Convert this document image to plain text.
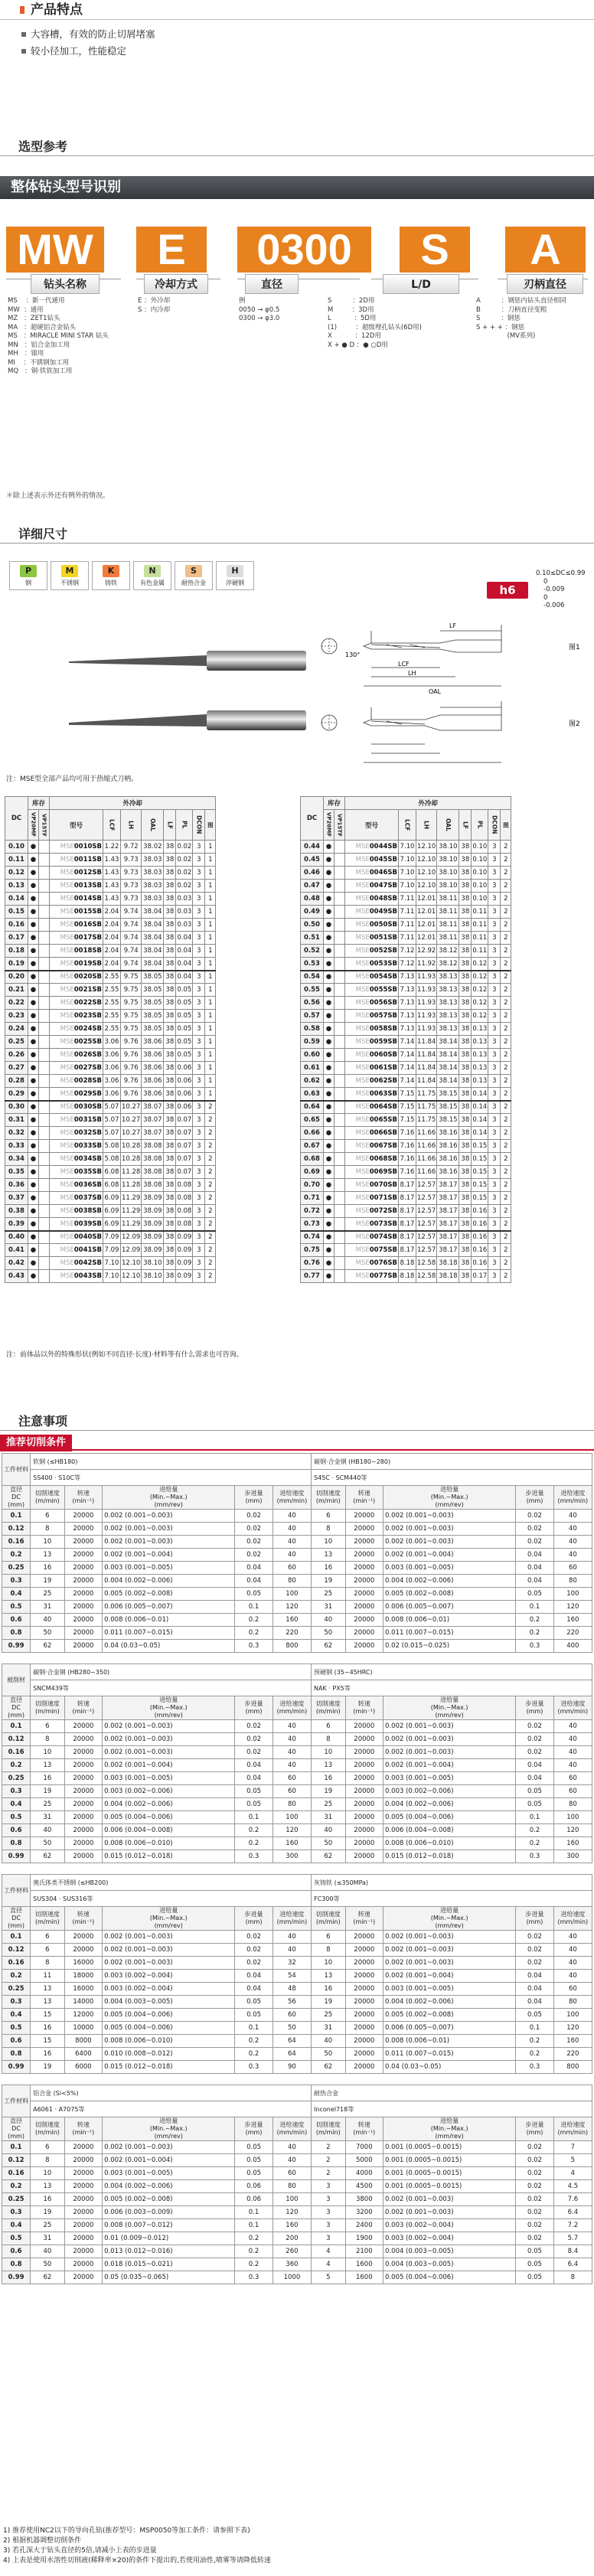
产品特点
大容槽，有效的防止切屑堵塞
较小径加工，性能稳定
选型参考
整体钻头型号识别
MW	E	0300	S	A
钻头名称	冷却方式	直径	L/D	刃柄直径
MS    ：新一代通用
MW  ：通用
MZ   ：ZET1钻头
MA   ：超硬铝合金钻头
MS   ：MIRACLE MINI STAR 钻头
MN   ：铝合金加工用
MH   ：镍用
MI    ：不锈钢加工用
MQ   ：铜·铁铁加工用
E ：外冷却
S ：内冷却
例
0050 → φ0.5
0300 → φ3.0
S          ：2D用
M         ：3D用
L           ：5D用
(1)         ：超级埋孔钻头(6D用)
X           ：12D用
X + ● D ：● ○D用
A          ：钢惩内钻头直径相同
B          ：刀柄直径变粗
S          ：钢惩
S + + + ：钢惩
(MV系列)
＊除上述表示外还有例外的情况。
详细尺寸
P
钢
M
不锈钢
K
铸铁
N
有色金属
S
耐热合金
H
淬硬钢
h6
0.10≤DC≤0.99
0
-0.009
0
-0.006
LF
LCF
LH
OAL
130°
图1
图2
注：MSE型全部产品均可用于热缩式刀柄。
DC	库存		外冷却							
	VP20MF	VP15TF	型号	LCF	LH	OAL	LF	PL	DCON	图
0.10	●		MSE0010SB	1.22	9.72	38.02	38	0.02	3	1
0.11	●		MSE0011SB	1.43	9.73	38.03	38	0.02	3	1
0.12	●		MSE0012SB	1.43	9.73	38.03	38	0.02	3	1
0.13	●		MSE0013SB	1.43	9.73	38.03	38	0.02	3	1
0.14	●		MSE0014SB	1.43	9.73	38.03	38	0.03	3	1
0.15	●		MSE0015SB	2.04	9.74	38.04	38	0.03	3	1
0.16	●		MSE0016SB	2.04	9.74	38.04	38	0.03	3	1
0.17	●		MSE0017SB	2.04	9.74	38.04	38	0.04	3	1
0.18	●		MSE0018SB	2.04	9.74	38.04	38	0.04	3	1
0.19	●		MSE0019SB	2.04	9.74	38.04	38	0.04	3	1
0.20	●		MSE0020SB	2.55	9.75	38.05	38	0.04	3	1
0.21	●		MSE0021SB	2.55	9.75	38.05	38	0.05	3	1
0.22	●		MSE0022SB	2.55	9.75	38.05	38	0.05	3	1
0.23	●		MSE0023SB	2.55	9.75	38.05	38	0.05	3	1
0.24	●		MSE0024SB	2.55	9.75	38.05	38	0.05	3	1
0.25	●		MSE0025SB	3.06	9.76	38.06	38	0.05	3	1
0.26	●		MSE0026SB	3.06	9.76	38.06	38	0.05	3	1
0.27	●		MSE0027SB	3.06	9.76	38.06	38	0.06	3	1
0.28	●		MSE0028SB	3.06	9.76	38.06	38	0.06	3	1
0.29	●		MSE0029SB	3.06	9.76	38.06	38	0.06	3	1
0.30	●		MSE0030SB	5.07	10.27	38.07	38	0.06	3	2
0.31	●		MSE0031SB	5.07	10.27	38.07	38	0.07	3	2
0.32	●		MSE0032SB	5.07	10.27	38.07	38	0.07	3	2
0.33	●		MSE0033SB	5.08	10.28	38.08	38	0.07	3	2
0.34	●		MSE0034SB	5.08	10.28	38.08	38	0.07	3	2
0.35	●		MSE0035SB	6.08	11.28	38.08	38	0.07	3	2
0.36	●		MSE0036SB	6.08	11.28	38.08	38	0.08	3	2
0.37	●		MSE0037SB	6.09	11.29	38.09	38	0.08	3	2
0.38	●		MSE0038SB	6.09	11.29	38.09	38	0.08	3	2
0.39	●		MSE0039SB	6.09	11.29	38.09	38	0.08	3	2
0.40	●		MSE0040SB	7.09	12.09	38.09	38	0.09	3	2
0.41	●		MSE0041SB	7.09	12.09	38.09	38	0.09	3	2
0.42	●		MSE0042SB	7.10	12.10	38.10	38	0.09	3	2
0.43	●		MSE0043SB	7.10	12.10	38.10	38	0.09	3	2
DC	库存		外冷却							
	VP20MF	VP15TF	型号	LCF	LH	OAL	LF	PL	DCON	图
0.44	●		MSE0044SB	7.10	12.10	38.10	38	0.10	3	2
0.45	●		MSE0045SB	7.10	12.10	38.10	38	0.10	3	2
0.46	●		MSE0046SB	7.10	12.10	38.10	38	0.10	3	2
0.47	●		MSE0047SB	7.10	12.10	38.10	38	0.10	3	2
0.48	●		MSE0048SB	7.11	12.01	38.11	38	0.10	3	2
0.49	●		MSE0049SB	7.11	12.01	38.11	38	0.11	3	2
0.50	●		MSE0050SB	7.11	12.01	38.11	38	0.11	3	2
0.51	●		MSE0051SB	7.11	12.01	38.11	38	0.11	3	2
0.52	●		MSE0052SB	7.12	12.92	38.12	38	0.11	3	2
0.53	●		MSE0053SB	7.12	11.92	38.12	38	0.12	3	2
0.54	●		MSE0054SB	7.13	11.93	38.13	38	0.12	3	2
0.55	●		MSE0055SB	7.13	11.93	38.13	38	0.12	3	2
0.56	●		MSE0056SB	7.13	11.93	38.13	38	0.12	3	2
0.57	●		MSE0057SB	7.13	11.93	38.13	38	0.12	3	2
0.58	●		MSE0058SB	7.13	11.93	38.13	38	0.13	3	2
0.59	●		MSE0059SB	7.14	11.84	38.14	38	0.13	3	2
0.60	●		MSE0060SB	7.14	11.84	38.14	38	0.13	3	2
0.61	●		MSE0061SB	7.14	11.84	38.14	38	0.13	3	2
0.62	●		MSE0062SB	7.14	11.84	38.14	38	0.13	3	2
0.63	●		MSE0063SB	7.15	11.75	38.15	38	0.14	3	2
0.64	●		MSE0064SB	7.15	11.75	38.15	38	0.14	3	2
0.65	●		MSE0065SB	7.15	11.75	38.15	38	0.14	3	2
0.66	●		MSE0066SB	7.16	11.66	38.16	38	0.14	3	2
0.67	●		MSE0067SB	7.16	11.66	38.16	38	0.15	3	2
0.68	●		MSE0068SB	7.16	11.66	38.16	38	0.15	3	2
0.69	●		MSE0069SB	7.16	11.66	38.16	38	0.15	3	2
0.70	●		MSE0070SB	8.17	12.57	38.17	38	0.15	3	2
0.71	●		MSE0071SB	8.17	12.57	38.17	38	0.15	3	2
0.72	●		MSE0072SB	8.17	12.57	38.17	38	0.16	3	2
0.73	●		MSE0073SB	8.17	12.57	38.17	38	0.16	3	2
0.74	●		MSE0074SB	8.17	12.57	38.17	38	0.16	3	2
0.75	●		MSE0075SB	8.17	12.57	38.17	38	0.16	3	2
0.76	●		MSE0076SB	8.18	12.58	38.18	38	0.16	3	2
0.77	●		MSE0077SB	8.18	12.58	38.18	38	0.17	3	2
注：前体品以外的特殊形状(例如不同直径·长度)·材料等有什么需求也可咨询。
注意事项
推荐切削条件
工件材料	软钢 (≤HB180)					碳钢·合金钢 (HB180~280)				
	SS400 · S10C等					S45C · SCM440等				
直径
DC
(mm)	切削速度
(m/min)	转速
(min⁻¹)	进给量
(Min.~Max.)
(mm/rev)	步进量
(mm)	进给速度
(mm/min)	切削速度
(m/min)	转速
(min⁻¹)	进给量
(Min.~Max.)
(mm/rev)	步进量
(mm)	进给速度
(mm/min)
0.1	6	20000	0.002 (0.001~0.003)	0.02	40	6	20000	0.002 (0.001~0.003)	0.02	40
0.12	8	20000	0.002 (0.001~0.003)	0.02	40	8	20000	0.002 (0.001~0.003)	0.02	40
0.16	10	20000	0.002 (0.001~0.003)	0.02	40	10	20000	0.002 (0.001~0.003)	0.02	40
0.2	13	20000	0.002 (0.001~0.004)	0.02	40	13	20000	0.002 (0.001~0.004)	0.04	40
0.25	16	20000	0.003 (0.001~0.005)	0.04	60	16	20000	0.003 (0.001~0.005)	0.04	60
0.3	19	20000	0.004 (0.002~0.006)	0.04	80	19	20000	0.004 (0.002~0.006)	0.04	80
0.4	25	20000	0.005 (0.002~0.008)	0.05	100	25	20000	0.005 (0.002~0.008)	0.05	100
0.5	31	20000	0.006 (0.005~0.007)	0.1	120	31	20000	0.006 (0.005~0.007)	0.1	120
0.6	40	20000	0.008 (0.006~0.01)	0.2	160	40	20000	0.008 (0.006~0.01)	0.2	160
0.8	50	20000	0.011 (0.007~0.015)	0.2	220	50	20000	0.011 (0.007~0.015)	0.2	220
0.99	62	20000	0.04 (0.03~0.05)	0.3	800	62	20000	0.02 (0.015~0.025)	0.3	400
被削材	碳钢·合金钢 (HB280~350)					预硬钢 (35~45HRC)				
	SNCM439等					NAK · PX5等				
直径
DC
(mm)	切削速度
(m/min)	转速
(min⁻¹)	进给量
(Min.~Max.)
(mm/rev)	步进量
(mm)	进给速度
(mm/min)	切削速度
(m/min)	转速
(min⁻¹)	进给量
(Min.~Max.)
(mm/rev)	步进量
(mm)	进给速度
(mm/min)
0.1	6	20000	0.002 (0.001~0.003)	0.02	40	6	20000	0.002 (0.001~0.003)	0.02	40
0.12	8	20000	0.002 (0.001~0.003)	0.02	40	8	20000	0.002 (0.001~0.003)	0.02	40
0.16	10	20000	0.002 (0.001~0.003)	0.02	40	10	20000	0.002 (0.001~0.003)	0.02	40
0.2	13	20000	0.002 (0.001~0.004)	0.04	40	13	20000	0.002 (0.001~0.004)	0.04	40
0.25	16	20000	0.003 (0.001~0.005)	0.04	60	16	20000	0.003 (0.001~0.005)	0.04	60
0.3	19	20000	0.003 (0.002~0.006)	0.05	60	19	20000	0.003 (0.002~0.006)	0.05	60
0.4	25	20000	0.004 (0.002~0.006)	0.05	80	25	20000	0.004 (0.002~0.006)	0.05	80
0.5	31	20000	0.005 (0.004~0.006)	0.1	100	31	20000	0.005 (0.004~0.006)	0.1	100
0.6	40	20000	0.006 (0.004~0.008)	0.2	120	40	20000	0.006 (0.004~0.008)	0.2	120
0.8	50	20000	0.008 (0.006~0.010)	0.2	160	50	20000	0.008 (0.006~0.010)	0.2	160
0.99	62	20000	0.015 (0.012~0.018)	0.3	300	62	20000	0.015 (0.012~0.018)	0.3	300
工件材料	奥氏体类不锈钢 (≤HB200)					灰铸铁 (≤350MPa)				
	SUS304 · SUS316等					FC300等				
直径
DC
(mm)	切削速度
(m/min)	转速
(min⁻¹)	进给量
(Min.~Max.)
(mm/rev)	步进量
(mm)	进给速度
(mm/min)	切削速度
(m/min)	转速
(min⁻¹)	进给量
(Min.~Max.)
(mm/rev)	步进量
(mm)	进给速度
(mm/min)
0.1	6	20000	0.002 (0.001~0.003)	0.02	40	6	20000	0.002 (0.001~0.003)	0.02	40
0.12	6	20000	0.002 (0.001~0.003)	0.02	40	8	20000	0.002 (0.001~0.003)	0.02	40
0.16	8	16000	0.002 (0.001~0.003)	0.02	32	10	20000	0.002 (0.001~0.003)	0.02	40
0.2	11	18000	0.003 (0.002~0.004)	0.04	54	13	20000	0.002 (0.001~0.004)	0.04	40
0.25	13	16000	0.003 (0.002~0.004)	0.04	48	16	20000	0.003 (0.001~0.005)	0.04	60
0.3	13	14000	0.004 (0.003~0.005)	0.05	56	19	20000	0.004 (0.002~0.006)	0.04	80
0.4	15	12000	0.005 (0.004~0.006)	0.05	60	25	20000	0.005 (0.002~0.008)	0.05	100
0.5	16	10000	0.005 (0.004~0.006)	0.1	50	31	20000	0.006 (0.005~0.007)	0.1	120
0.6	15	8000	0.008 (0.006~0.010)	0.2	64	40	20000	0.008 (0.006~0.01)	0.2	160
0.8	16	6400	0.010 (0.008~0.012)	0.2	64	50	20000	0.011 (0.007~0.015)	0.2	220
0.99	19	6000	0.015 (0.012~0.018)	0.3	90	62	20000	0.04 (0.03~0.05)	0.3	800
工件材料	铝合金 (Si<5%)					耐热合金				
	A6061 · A7075等					Inconel718等				
直径
DC
(mm)	切削速度
(m/min)	转速
(min⁻¹)	进给量
(Min.~Max.)
(mm/rev)	步进量
(mm)	进给速度
(mm/min)	切削速度
(m/min)	转速
(min⁻¹)	进给量
(Min.~Max.)
(mm/rev)	步进量
(mm)	进给速度
(mm/min)
0.1	6	20000	0.002 (0.001~0.003)	0.05	40	2	7000	0.001 (0.0005~0.0015)	0.02	7
0.12	8	20000	0.002 (0.001~0.004)	0.05	40	2	5000	0.001 (0.0005~0.0015)	0.02	5
0.16	10	20000	0.003 (0.001~0.005)	0.05	60	2	4000	0.001 (0.0005~0.0015)	0.02	4
0.2	13	20000	0.004 (0.002~0.006)	0.06	80	3	4500	0.001 (0.0005~0.0015)	0.02	4.5
0.25	16	20000	0.005 (0.002~0.008)	0.06	100	3	3800	0.002 (0.001~0.003)	0.02	7.6
0.3	19	20000	0.006 (0.003~0.009)	0.1	120	3	3200	0.002 (0.001~0.003)	0.02	6.4
0.4	25	20000	0.008 (0.007~0.012)	0.1	160	3	2400	0.003 (0.002~0.004)	0.02	7.2
0.5	31	20000	0.01 (0.009~0.012)	0.2	200	3	1900	0.003 (0.002~0.004)	0.02	5.7
0.6	40	20000	0.013 (0.012~0.016)	0.2	260	4	2100	0.004 (0.003~0.005)	0.05	8.4
0.8	50	20000	0.018 (0.015~0.021)	0.2	360	4	1600	0.004 (0.003~0.005)	0.05	6.4
0.99	62	20000	0.05 (0.035~0.065)	0.3	1000	5	1600	0.005 (0.004~0.006)	0.05	8
1) 推荐使用NC2以下的导向孔钻(推荐型号：MSP0050等加工条件：请参照下表)
2) 根据机器调整切削条件
3) 若孔深大于钻头直径的5倍,请减小上表的步进量
4) 上表是使用水溶性切削液(稀释率×20)的条件下提出的,若使用油性,喷雾等请降低转速
